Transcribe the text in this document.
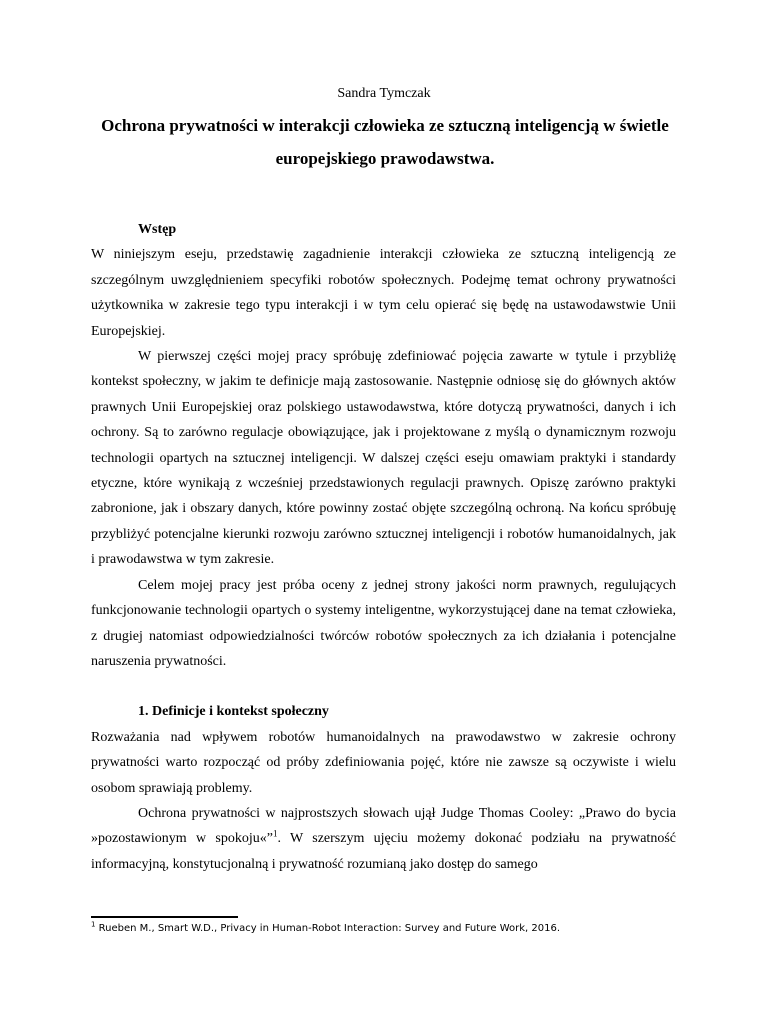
Sandra Tymczak
Ochrona prywatności w interakcji człowieka ze sztuczną inteligencją w świetle europejskiego prawodawstwa.

Wstęp

W niniejszym eseju, przedstawię zagadnienie interakcji człowieka ze sztuczną inteligencją ze szczególnym uwzględnieniem specyfiki robotów społecznych. Podejmę temat ochrony prywatności użytkownika w zakresie tego typu interakcji i w tym celu opierać się będę na ustawodawstwie Unii Europejskiej.

W pierwszej części mojej pracy spróbuję zdefiniować pojęcia zawarte w tytule i przybliżę kontekst społeczny, w jakim te definicje mają zastosowanie. Następnie odniosę się do głównych aktów prawnych Unii Europejskiej oraz polskiego ustawodawstwa, które dotyczą prywatności, danych i ich ochrony. Są to zarówno regulacje obowiązujące, jak i projektowane z myślą o dynamicznym rozwoju technologii opartych na sztucznej inteligencji. W dalszej części eseju omawiam praktyki i standardy etyczne, które wynikają z wcześniej przedstawionych regulacji prawnych. Opiszę zarówno praktyki zabronione, jak i obszary danych, które powinny zostać objęte szczególną ochroną. Na końcu spróbuję przybliżyć potencjalne kierunki rozwoju zarówno sztucznej inteligencji i robotów humanoidalnych, jak i prawodawstwa w tym zakresie.

Celem mojej pracy jest próba oceny z jednej strony jakości norm prawnych, regulujących funkcjonowanie technologii opartych o systemy inteligentne, wykorzystującej dane na temat człowieka, z drugiej natomiast odpowiedzialności twórców robotów społecznych za ich działania i potencjalne naruszenia prywatności.

1. Definicje i kontekst społeczny

Rozważania nad wpływem robotów humanoidalnych na prawodawstwo w zakresie ochrony prywatności warto rozpocząć od próby zdefiniowania pojęć, które nie zawsze są oczywiste i wielu osobom sprawiają problemy.

Ochrona prywatności w najprostszych słowach ujął Judge Thomas Cooley: „Prawo do bycia »pozostawionym w spokoju«”$^1$. W szerszym ujęciu możemy dokonać podziału na prywatność informacyjną, konstytucjonalną i prywatność rozumianą jako dostęp do samego

$^1$ Rueben M., Smart W.D., Privacy in Human-Robot Interaction: Survey and Future Work, 2016.
